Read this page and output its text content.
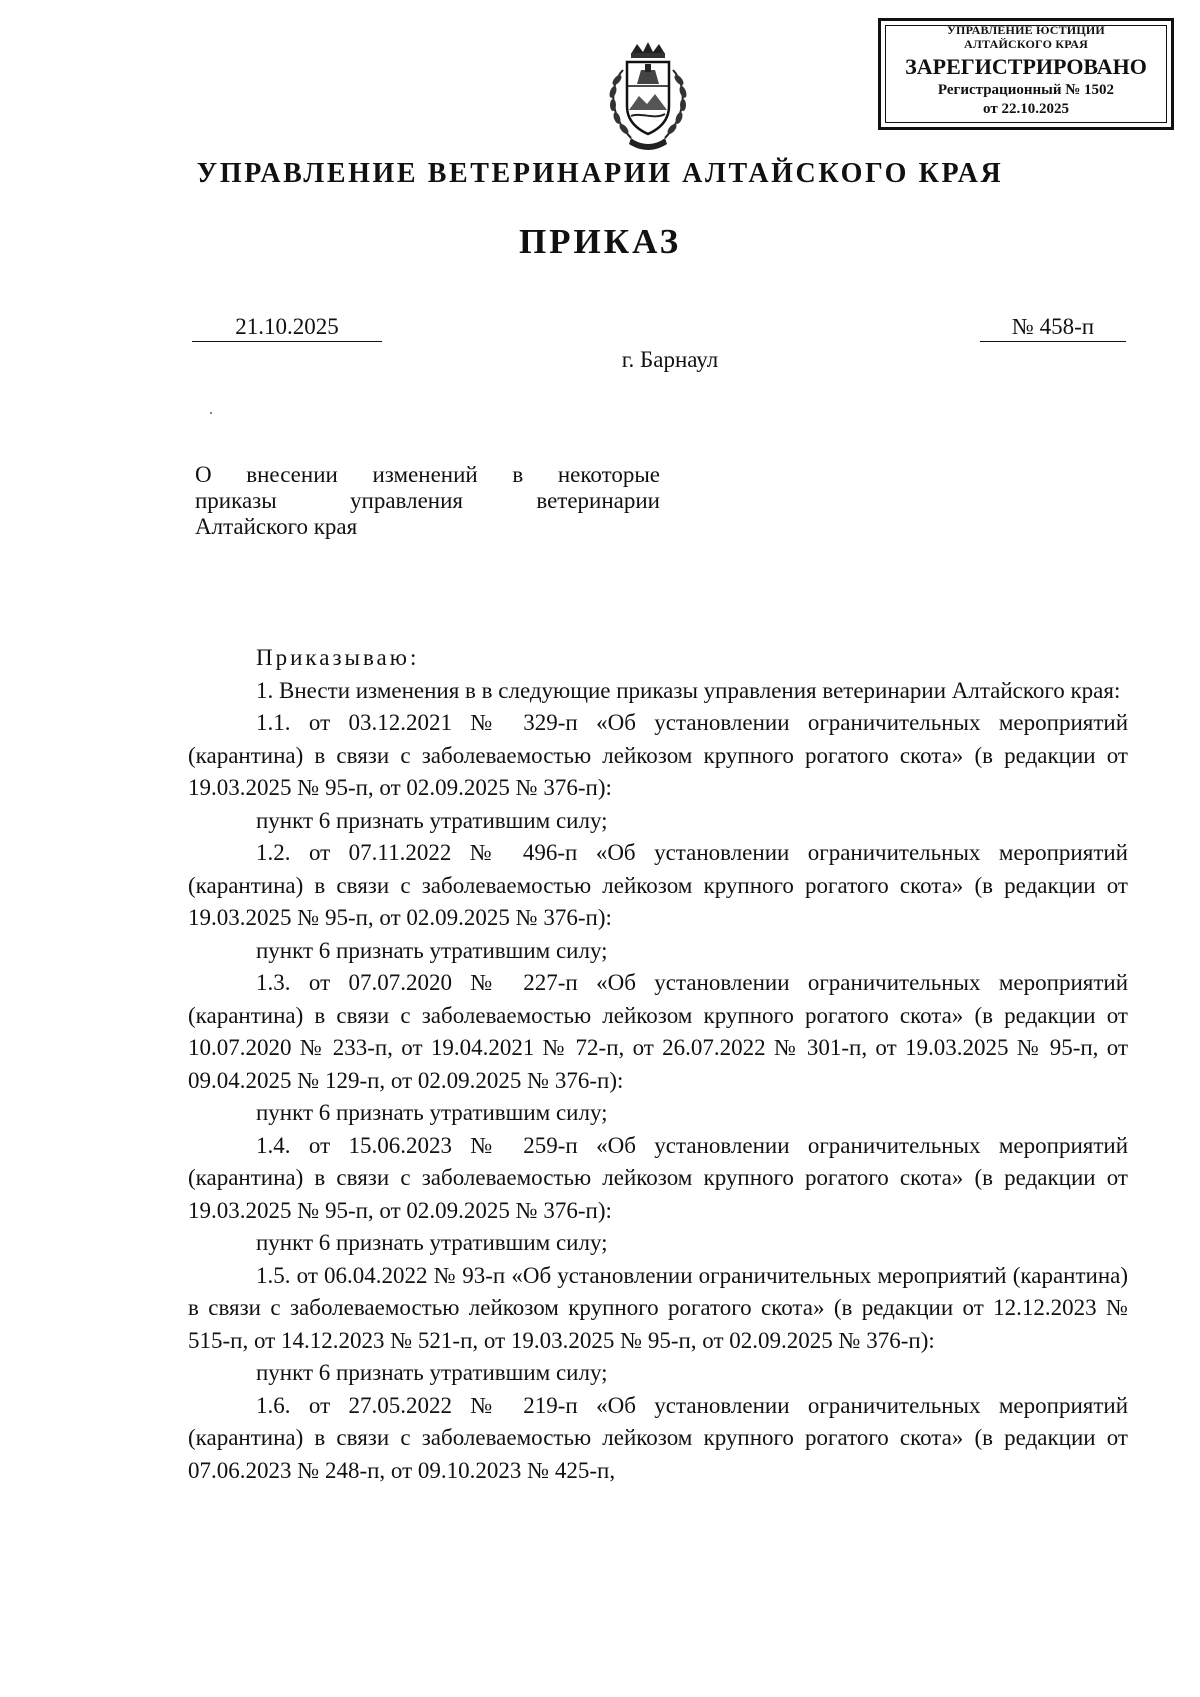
УПРАВЛЕНИЕ ЮСТИЦИИ
АЛТАЙСКОГО КРАЯ
ЗАРЕГИСТРИРОВАНО
Регистрационный № 1502
от 22.10.2025
УПРАВЛЕНИЕ ВЕТЕРИНАРИИ АЛТАЙСКОГО КРАЯ
ПРИКАЗ
21.10.2025	№ 458-п
г. Барнаул
О внесении изменений в некоторые
приказы управления ветеринарии
Алтайского края

Приказываю:

1. Внести изменения в в следующие приказы управления ветеринарии Алтайского края:

1.1. от 03.12.2021 № 329-п «Об установлении ограничительных мероприятий (карантина) в связи с заболеваемостью лейкозом крупного рогатого скота» (в редакции от 19.03.2025 № 95-п, от 02.09.2025 № 376-п):

пункт 6 признать утратившим силу;

1.2. от 07.11.2022 № 496-п «Об установлении ограничительных мероприятий (карантина) в связи с заболеваемостью лейкозом крупного рогатого скота» (в редакции от 19.03.2025 № 95-п, от 02.09.2025 № 376-п):

пункт 6 признать утратившим силу;

1.3. от 07.07.2020 № 227-п «Об установлении ограничительных мероприятий (карантина) в связи с заболеваемостью лейкозом крупного рогатого скота» (в редакции от 10.07.2020 № 233-п, от 19.04.2021 № 72-п, от 26.07.2022 № 301-п, от 19.03.2025 № 95-п, от 09.04.2025 № 129-п, от 02.09.2025 № 376-п):

пункт 6 признать утратившим силу;

1.4. от 15.06.2023 № 259-п «Об установлении ограничительных мероприятий (карантина) в связи с заболеваемостью лейкозом крупного рогатого скота» (в редакции от 19.03.2025 № 95-п, от 02.09.2025 № 376-п):

пункт 6 признать утратившим силу;

1.5. от 06.04.2022 № 93-п «Об установлении ограничительных мероприятий (карантина) в связи с заболеваемостью лейкозом крупного рогатого скота» (в редакции от 12.12.2023 № 515-п, от 14.12.2023 № 521-п, от 19.03.2025 № 95-п, от 02.09.2025 № 376-п):

пункт 6 признать утратившим силу;

1.6. от 27.05.2022 № 219-п «Об установлении ограничительных мероприятий (карантина) в связи с заболеваемостью лейкозом крупного рогатого скота» (в редакции от 07.06.2023 № 248-п, от 09.10.2023 № 425-п,
